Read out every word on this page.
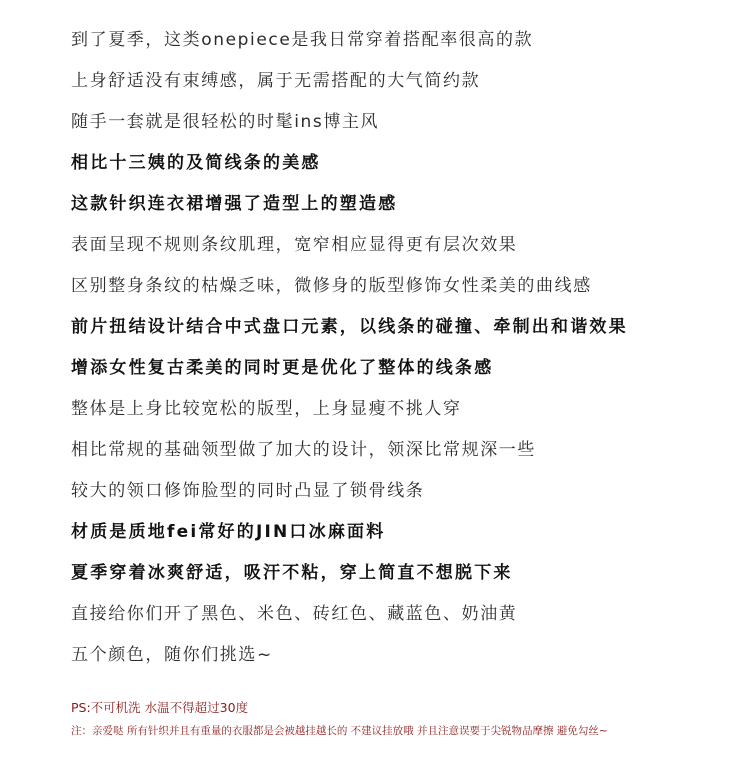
到了夏季，这类onepiece是我日常穿着搭配率很高的款
上身舒适没有束缚感，属于无需搭配的大气简约款
随手一套就是很轻松的时髦ins博主风
相比十三姨的及简线条的美感
这款针织连衣裙增强了造型上的塑造感
表面呈现不规则条纹肌理，宽窄相应显得更有层次效果
区别整身条纹的枯燥乏味，微修身的版型修饰女性柔美的曲线感
前片扭结设计结合中式盘口元素，以线条的碰撞、牵制出和谐效果
增添女性复古柔美的同时更是优化了整体的线条感
整体是上身比较宽松的版型，上身显瘦不挑人穿
相比常规的基础领型做了加大的设计，领深比常规深一些
较大的领口修饰脸型的同时凸显了锁骨线条
材质是质地fei常好的JIN口冰麻面料
夏季穿着冰爽舒适，吸汗不粘，穿上简直不想脱下来
直接给你们开了黑色、米色、砖红色、藏蓝色、奶油黄
五个颜色，随你们挑选~
PS:不可机洗 水温不得超过30度
注：亲爱哒 所有针织并且有重量的衣服都是会被越挂越长的 不建议挂放哦 并且注意误要于尖锐物品摩擦 避免勾丝~
